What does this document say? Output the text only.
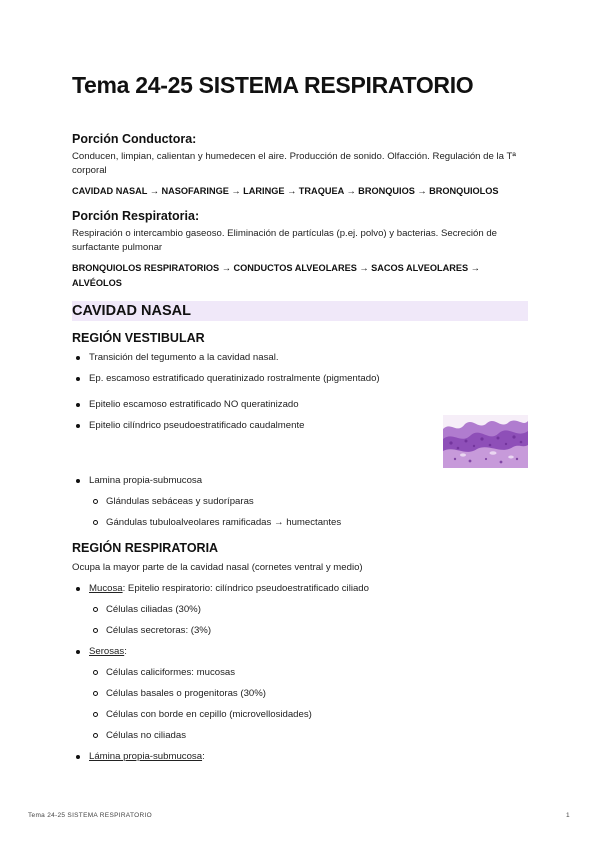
Tema 24-25 SISTEMA RESPIRATORIO
Porción Conductora:

Conducen, limpian, calientan y humedecen el aire. Producción de sonido. Olfacción. Regulación de la Tª corporal

CAVIDAD NASAL → NASOFARINGE → LARINGE → TRAQUEA → BRONQUIOS → BRONQUIOLOS

Porción Respiratoria:

Respiración o intercambio gaseoso. Eliminación de partículas (p.ej. polvo) y bacterias. Secreción de surfactante pulmonar

BRONQUIOLOS RESPIRATORIOS → CONDUCTOS ALVEOLARES → SACOS ALVEOLARES → ALVÉOLOS

CAVIDAD NASAL
REGIÓN VESTIBULAR
Transición del tegumento a la cavidad nasal.
Ep. escamoso estratificado queratinizado rostralmente (pigmentado)
Epitelio escamoso estratificado NO queratinizado
Epitelio cilíndrico pseudoestratificado caudalmente
Lamina propia-submucosa
Glándulas sebáceas y sudoríparas
Gándulas tubuloalveolares ramificadas → humectantes
REGIÓN RESPIRATORIA

Ocupa la mayor parte de la cavidad nasal (cornetes ventral y medio)

Mucosa: Epitelio respiratorio: cilíndrico pseudoestratificado ciliado
Células ciliadas (30%)
Células secretoras: (3%)
Serosas:
Células caliciformes: mucosas
Células basales o progenitoras (30%)
Células con borde en cepillo (microvellosidades)
Células no ciliadas
Lámina propia-submucosa:
Tema 24-25 SISTEMA RESPIRATORIO	1
